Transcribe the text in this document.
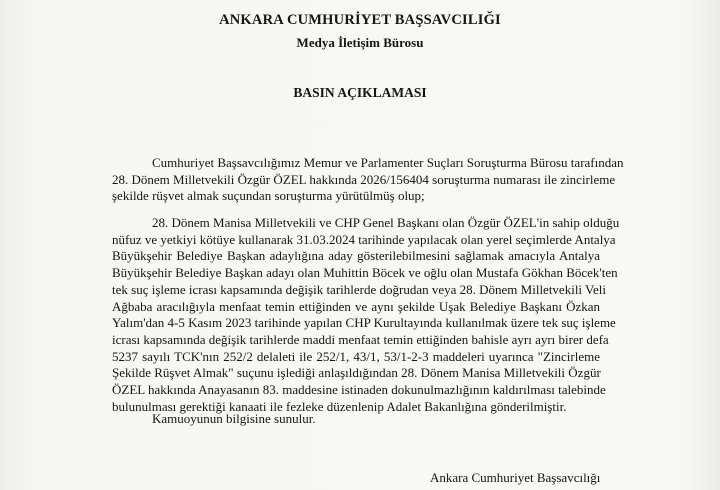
ANKARA CUMHURİYET BAŞSAVCILIĞI
Medya İletişim Bürosu
BASIN AÇIKLAMASI
Cumhuriyet Başsavcılığımız Memur ve Parlamenter Suçları Soruşturma Bürosu tarafından
28. Dönem Milletvekili Özgür ÖZEL hakkında 2026/156404 soruşturma numarası ile zincirleme
şekilde rüşvet almak suçundan soruşturma yürütülmüş olup;
28. Dönem Manisa Milletvekili ve CHP Genel Başkanı olan Özgür ÖZEL'in sahip olduğu
nüfuz ve yetkiyi kötüye kullanarak 31.03.2024 tarihinde yapılacak olan yerel seçimlerde Antalya
Büyükşehir Belediye Başkan adaylığına aday gösterilebilmesini sağlamak amacıyla Antalya
Büyükşehir Belediye Başkan adayı olan Muhittin Böcek ve oğlu olan Mustafa Gökhan Böcek'ten
tek suç işleme icrası kapsamında değişik tarihlerde doğrudan veya 28. Dönem Milletvekili Veli
Ağbaba aracılığıyla menfaat temin ettiğinden ve aynı şekilde Uşak Belediye Başkanı Özkan
Yalım'dan 4-5 Kasım 2023 tarihinde yapılan CHP Kurultayında kullanılmak üzere tek suç işleme
icrası kapsamında değişik tarihlerde maddi menfaat temin ettiğinden bahisle ayrı ayrı birer defa
5237 sayılı TCK'nın 252/2 delaleti ile 252/1, 43/1, 53/1-2-3 maddeleri uyarınca "Zincirleme
Şekilde Rüşvet Almak" suçunu işlediği anlaşıldığından 28. Dönem Manisa Milletvekili Özgür
ÖZEL hakkında Anayasanın 83. maddesine istinaden dokunulmazlığının kaldırılması talebinde
bulunulması gerektiği kanaati ile fezleke düzenlenip Adalet Bakanlığına gönderilmiştir.
Kamuoyunun bilgisine sunulur.
Ankara Cumhuriyet Başsavcılığı
